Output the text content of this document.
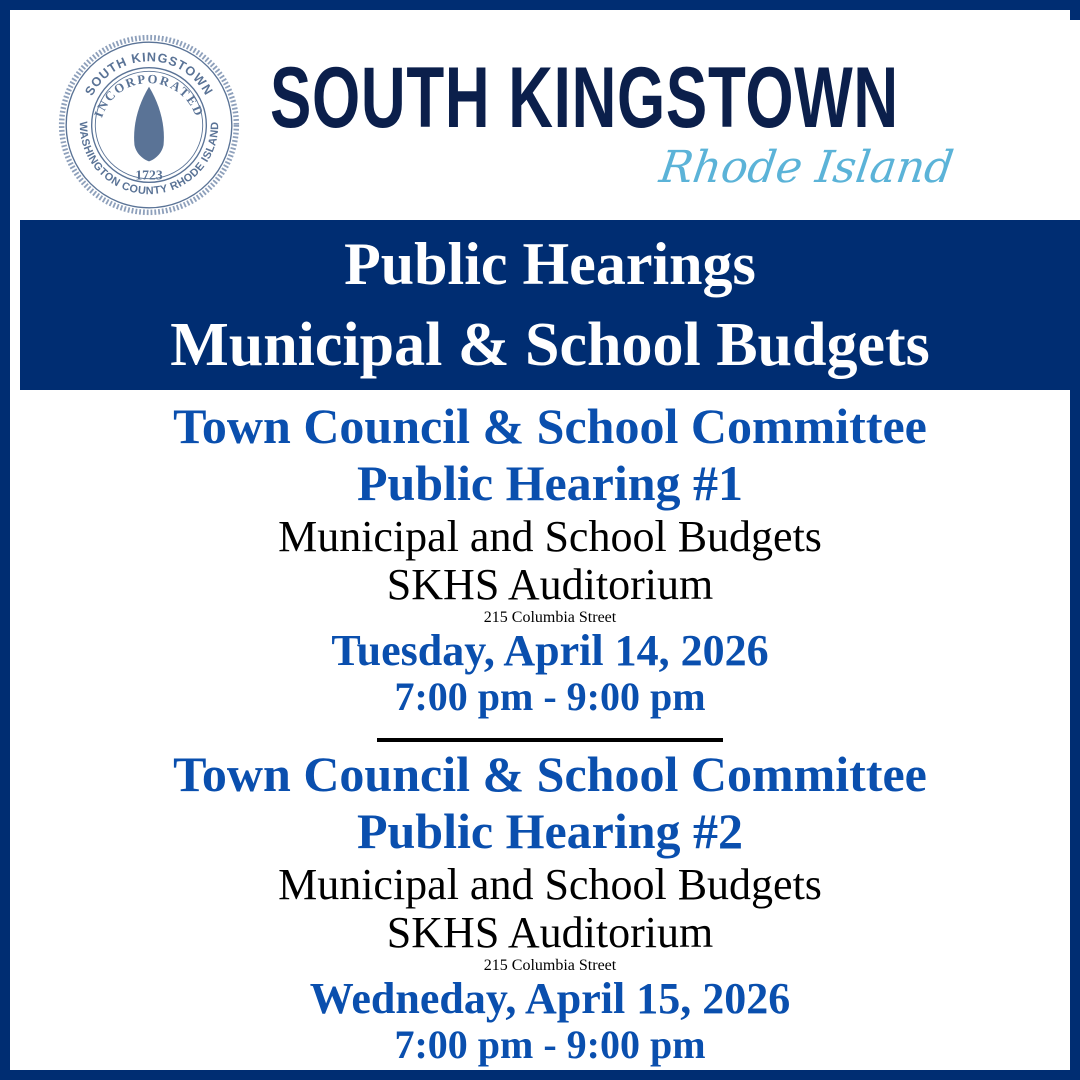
SOUTH KINGSTOWN
WASHINGTON COUNTY RHODE ISLAND
INCORPORATED
1723
SOUTH KINGSTOWN
Rhode Island
Public Hearings
Municipal & School Budgets
Town Council & School Committee
Public Hearing #1
Municipal and School Budgets
SKHS Auditorium
215 Columbia Street
Tuesday, April 14, 2026
7:00 pm - 9:00 pm
Town Council & School Committee
Public Hearing #2
Municipal and School Budgets
SKHS Auditorium
215 Columbia Street
Wedneday, April 15, 2026
7:00 pm - 9:00 pm
